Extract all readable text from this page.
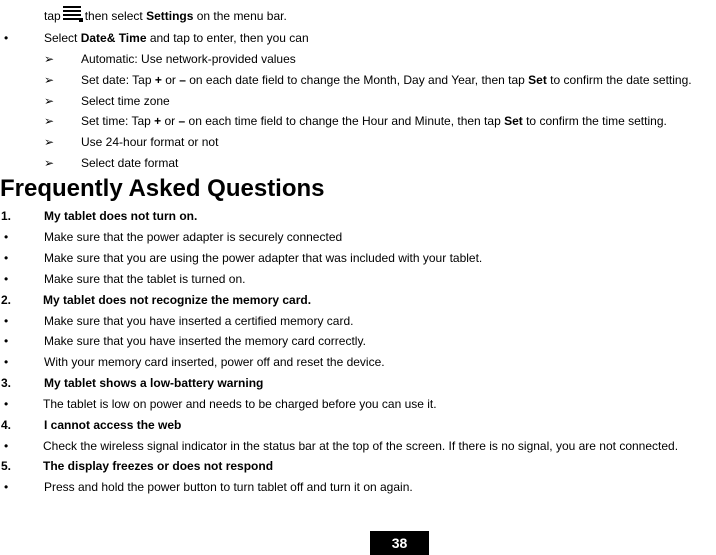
tap then select Settings on the menu bar.
•	Select Date& Time and tap to enter, then you can
➢ Automatic: Use network-provided values
➢ Set date: Tap + or – on each date field to change the Month, Day and Year, then tap Set to confirm the date setting.
➢ Select time zone
➢ Set time: Tap + or – on each time field to change the Hour and Minute, then tap Set to confirm the time setting.
➢ Use 24-hour format or not
➢ Select date format
Frequently Asked Questions
1.	My tablet does not turn on.
•	Make sure that the power adapter is securely connected
•	Make sure that you are using the power adapter that was included with your tablet.
•	Make sure that the tablet is turned on.
2.	My tablet does not recognize the memory card.
•	Make sure that you have inserted a certified memory card.
•	Make sure that you have inserted the memory card correctly.
•	With your memory card inserted, power off and reset the device.
3.	My tablet shows a low-battery warning
•	The tablet is low on power and needs to be charged before you can use it.
4.	I cannot access the web
•	Check the wireless signal indicator in the status bar at the top of the screen. If there is no signal, you are not connected.
5.	The display freezes or does not respond
•	Press and hold the power button to turn tablet off and turn it on again.
38
